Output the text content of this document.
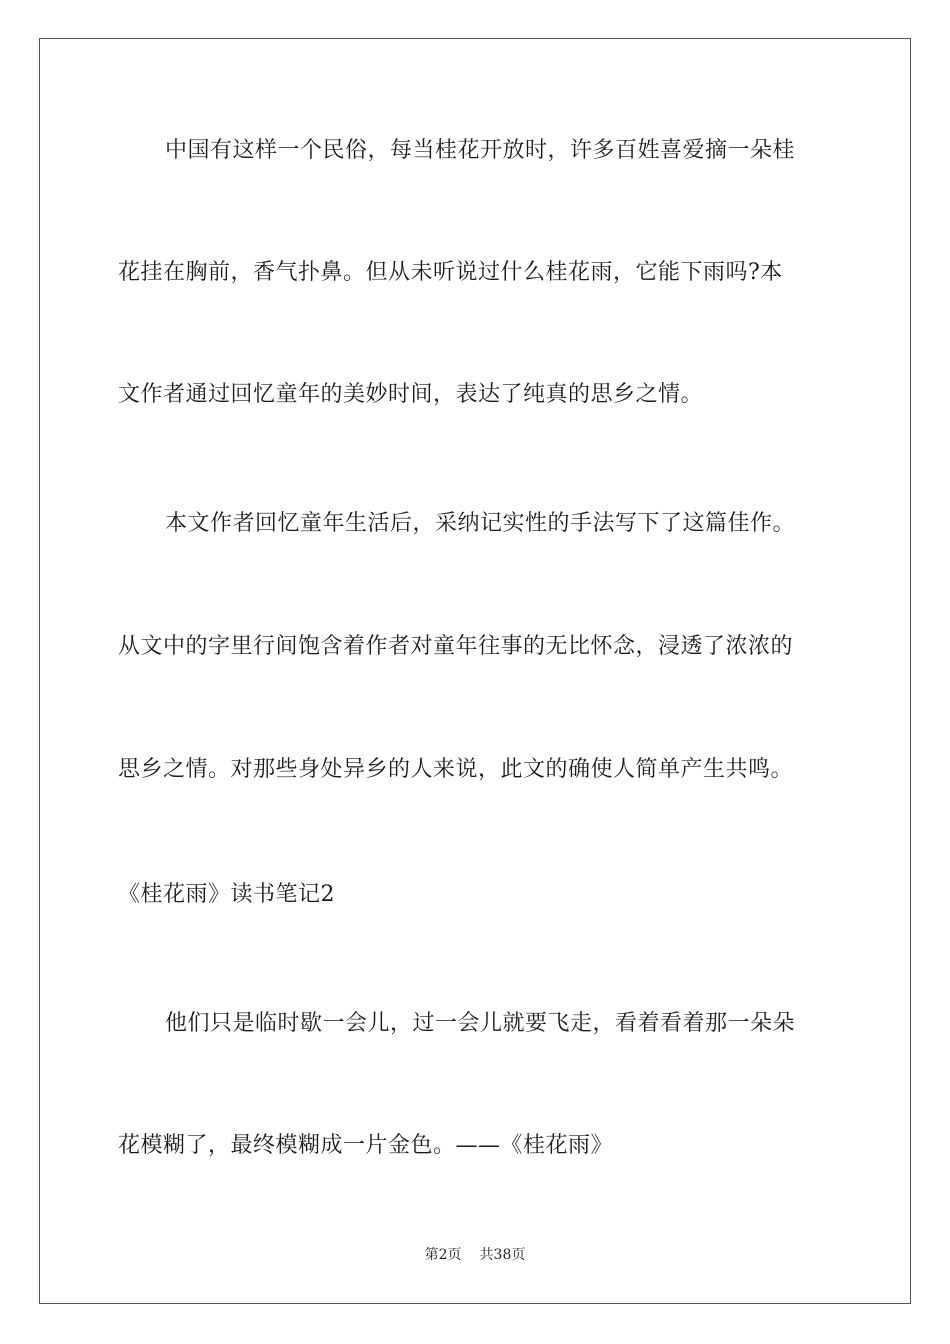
中国有这样一个民俗，每当桂花开放时，许多百姓喜爱摘一朵桂
花挂在胸前，香气扑鼻。但从未听说过什么桂花雨，它能下雨吗?本
文作者通过回忆童年的美妙时间，表达了纯真的思乡之情。
本文作者回忆童年生活后，采纳记实性的手法写下了这篇佳作。
从文中的字里行间饱含着作者对童年往事的无比怀念，浸透了浓浓的
思乡之情。对那些身处异乡的人来说，此文的确使人简单产生共鸣。
《桂花雨》读书笔记2
他们只是临时歇一会儿，过一会儿就要飞走，看着看着那一朵朵
花模糊了，最终模糊成一片金色。——《桂花雨》
第2页 共38页
